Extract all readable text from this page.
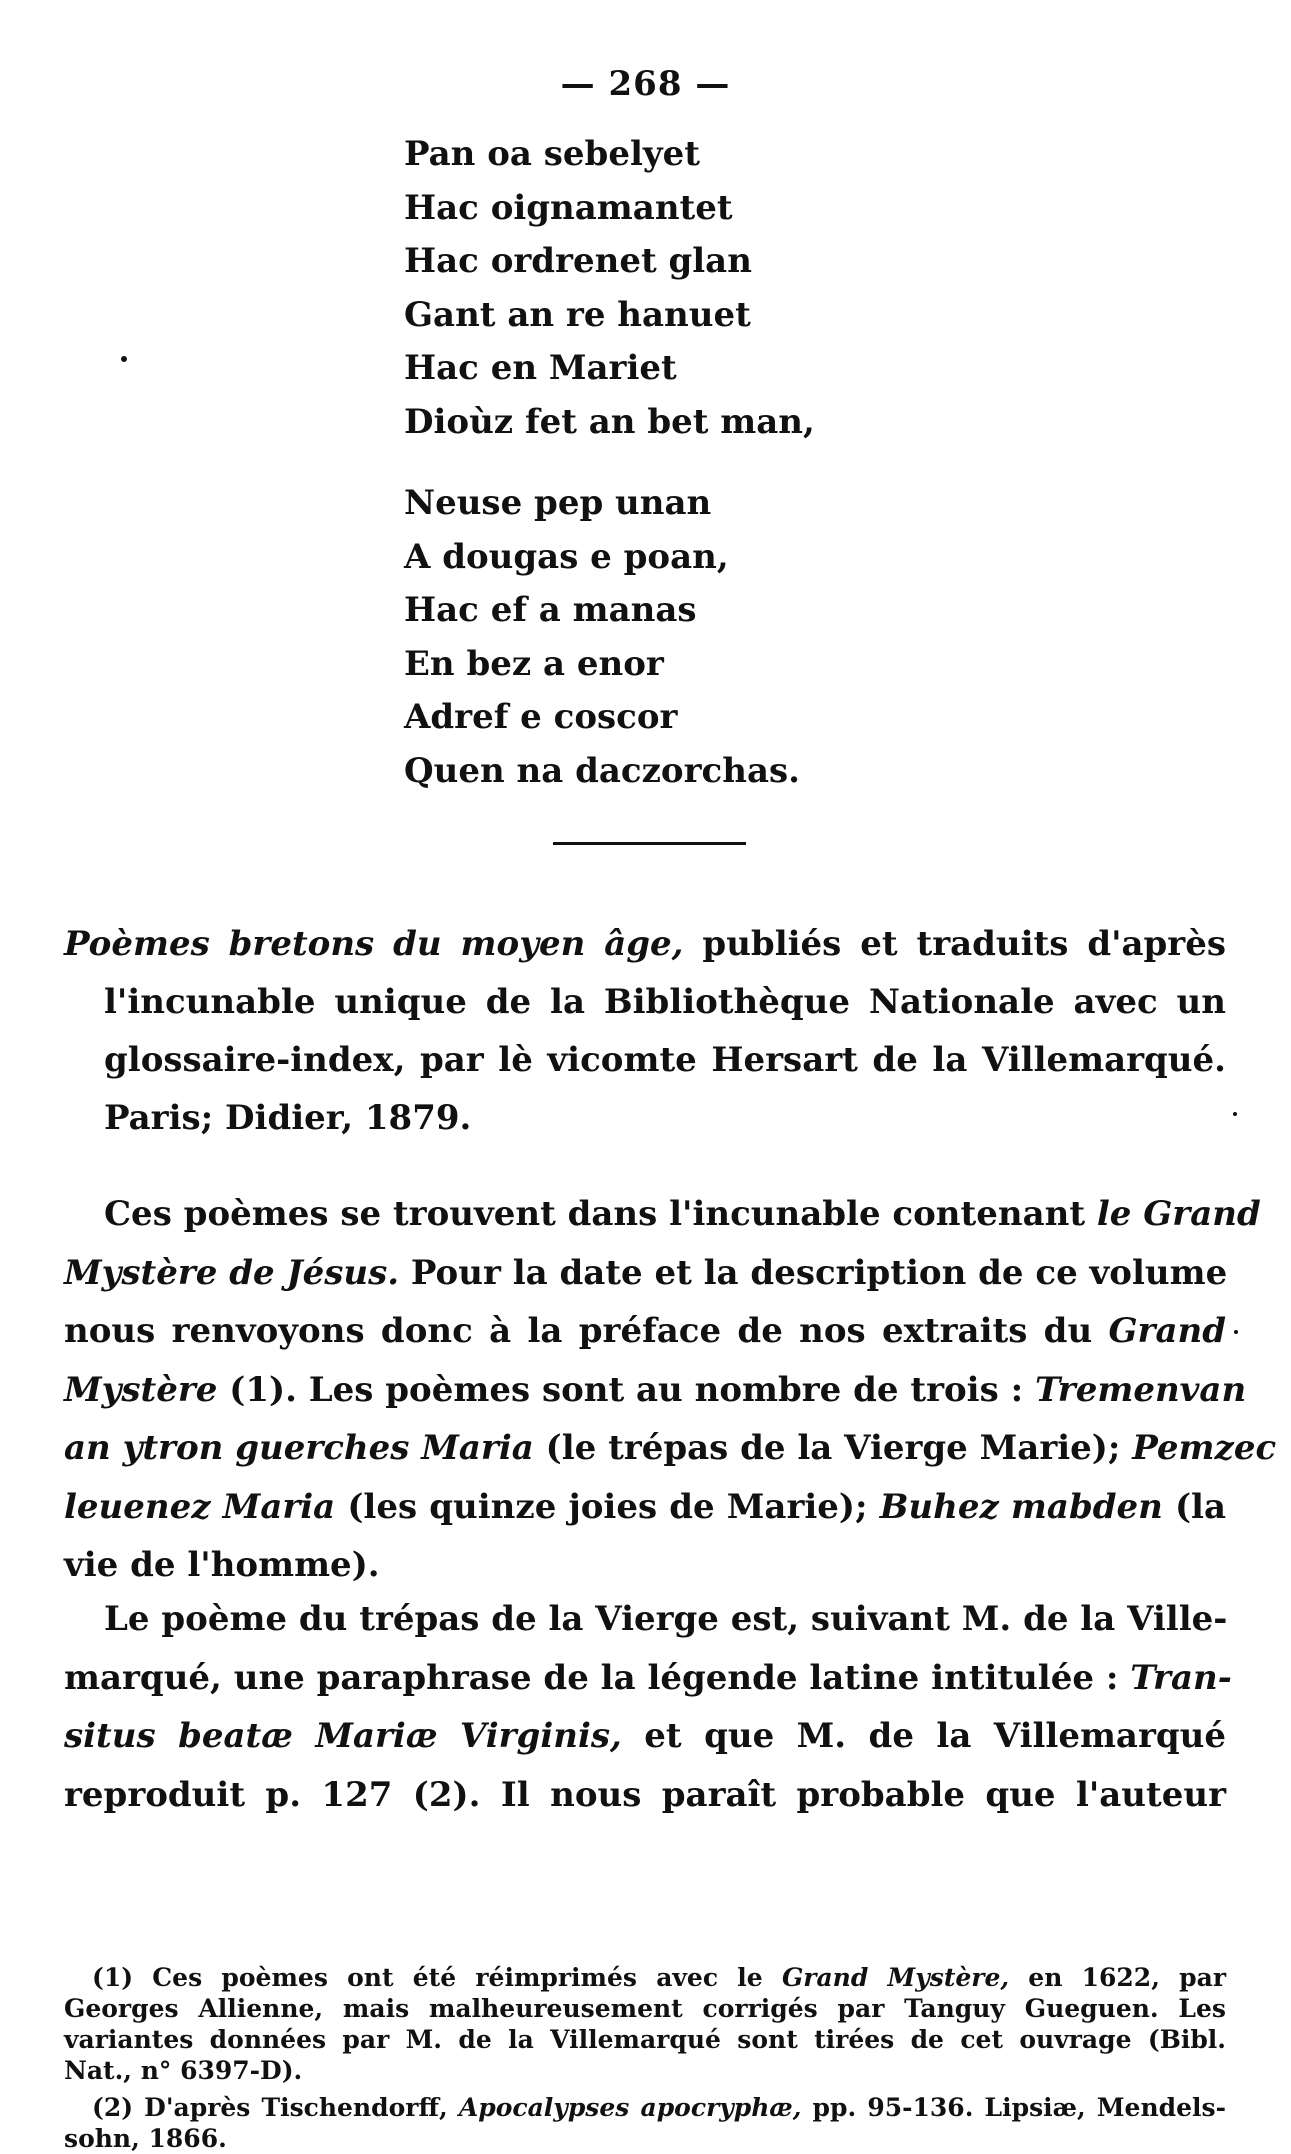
— 268 —
Pan oa sebelyet
Hac oignamantet
Hac ordrenet glan
Gant an re hanuet
Hac en Mariet
Dioùz fet an bet man,
Neuse pep unan
A dougas e poan,
Hac ef a manas
En bez a enor
Adref e coscor
Quen na daczorchas.
Poèmes bretons du moyen âge, publiés et traduits d'après
l'incunable unique de la Bibliothèque Nationale avec un
glossaire-index, par lè vicomte Hersart de la Villemarqué.
Paris; Didier, 1879.
Ces poèmes se trouvent dans l'incunable contenant le Grand
Mystère de Jésus. Pour la date et la description de ce volume
nous renvoyons donc à la préface de nos extraits du Grand
Mystère (1). Les poèmes sont au nombre de trois : Tremenvan
an ytron guerches Maria (le trépas de la Vierge Marie); Pemzec
leuenez Maria (les quinze joies de Marie); Buhez mabden (la
vie de l'homme).
Le poème du trépas de la Vierge est, suivant M. de la Ville-
marqué, une paraphrase de la légende latine intitulée : Tran-
situs beatæ Mariæ Virginis, et que M. de la Villemarqué
reproduit p. 127 (2). Il nous paraît probable que l'auteur
(1) Ces poèmes ont été réimprimés avec le Grand Mystère, en 1622, par
Georges Allienne, mais malheureusement corrigés par Tanguy Gueguen. Les
variantes données par M. de la Villemarqué sont tirées de cet ouvrage (Bibl.
Nat., n° 6397-D).
(2) D'après Tischendorff, Apocalypses apocryphæ, pp. 95-136. Lipsiæ, Mendels-
sohn, 1866.
